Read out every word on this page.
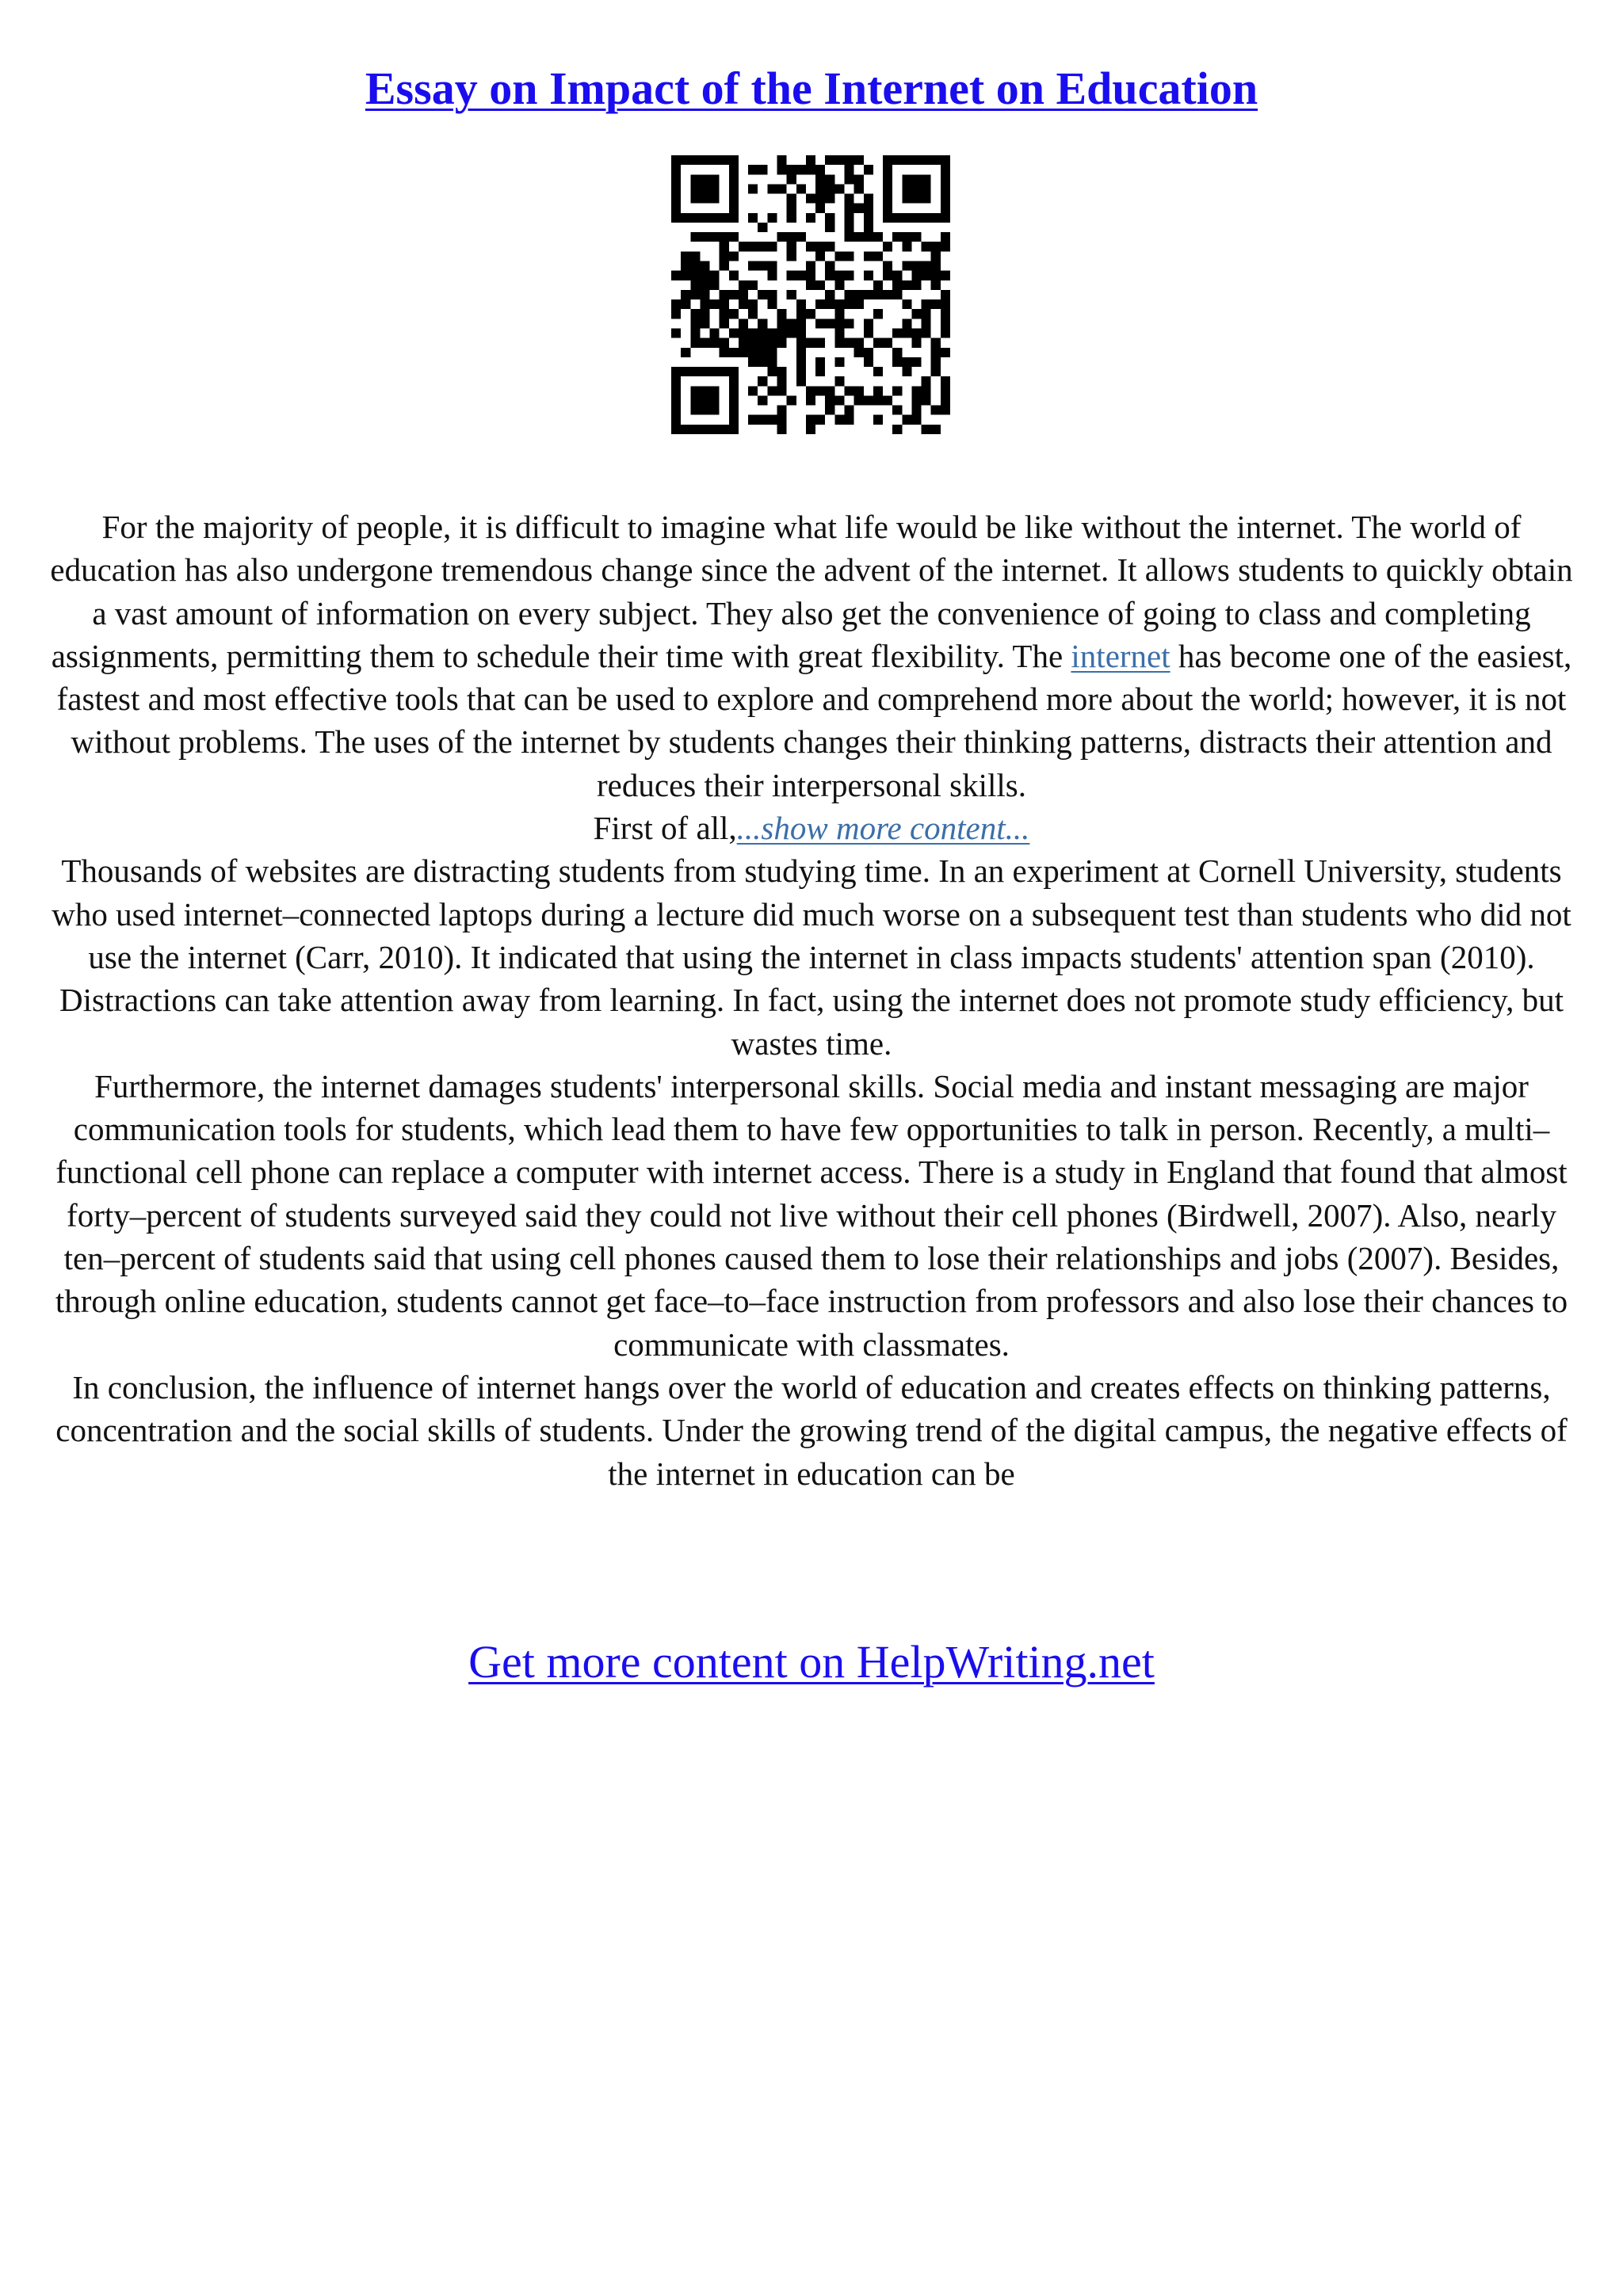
Essay on Impact of the Internet on Education

For the majority of people, it is difficult to imagine what life would be like without the internet. The world of education has also undergone tremendous change since the advent of the internet. It allows students to quickly obtain a vast amount of information on every subject. They also get the convenience of going to class and completing assignments, permitting them to schedule their time with great flexibility. The internet has become one of the easiest, fastest and most effective tools that can be used to explore and comprehend more about the world; however, it is not without problems. The uses of the internet by students changes their thinking patterns, distracts their attention and reduces their interpersonal skills.

First of all,...show more content...

Thousands of websites are distracting students from studying time. In an experiment at Cornell University, students who used internet–connected laptops during a lecture did much worse on a subsequent test than students who did not use the internet (Carr, 2010). It indicated that using the internet in class impacts students' attention span (2010). Distractions can take attention away from learning. In fact, using the internet does not promote study efficiency, but wastes time.

Furthermore, the internet damages students' interpersonal skills. Social media and instant messaging are major communication tools for students, which lead them to have few opportunities to talk in person. Recently, a multi–functional cell phone can replace a computer with internet access. There is a study in England that found that almost forty–percent of students surveyed said they could not live without their cell phones (Birdwell, 2007). Also, nearly ten–percent of students said that using cell phones caused them to lose their relationships and jobs (2007). Besides, through online education, students cannot get face–to–face instruction from professors and also lose their chances to communicate with classmates.

In conclusion, the influence of internet hangs over the world of education and creates effects on thinking patterns, concentration and the social skills of students. Under the growing trend of the digital campus, the negative effects of the internet in education can be

Get more content on HelpWriting.net
